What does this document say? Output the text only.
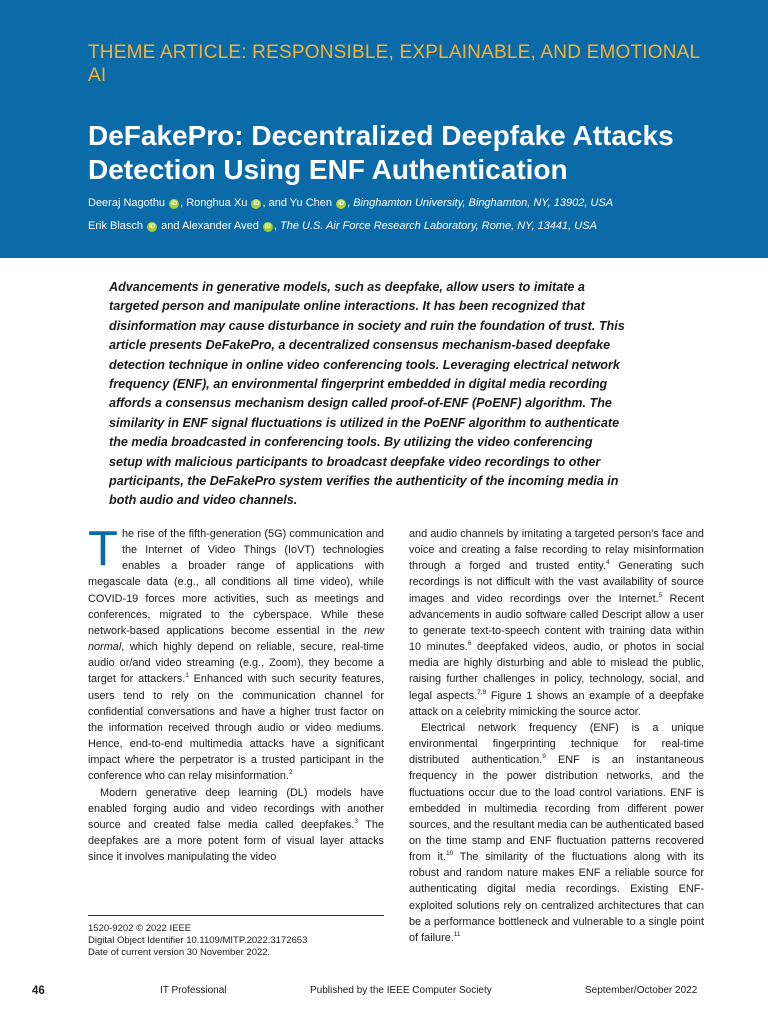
THEME ARTICLE: RESPONSIBLE, EXPLAINABLE, AND EMOTIONAL AI
DeFakePro: Decentralized Deepfake Attacks Detection Using ENF Authentication
Deeraj Nagothu iD , Ronghua Xu iD , and Yu Chen iD , Binghamton University, Binghamton, NY, 13902, USA
Erik Blasch iD and Alexander Aved iD , The U.S. Air Force Research Laboratory, Rome, NY, 13441, USA
Advancements in generative models, such as deepfake, allow users to imitate a targeted person and manipulate online interactions. It has been recognized that disinformation may cause disturbance in society and ruin the foundation of trust. This article presents DeFakePro, a decentralized consensus mechanism-based deepfake detection technique in online video conferencing tools. Leveraging electrical network frequency (ENF), an environmental fingerprint embedded in digital media recording affords a consensus mechanism design called proof-of-ENF (PoENF) algorithm. The similarity in ENF signal fluctuations is utilized in the PoENF algorithm to authenticate the media broadcasted in conferencing tools. By utilizing the video conferencing setup with malicious participants to broadcast deepfake video recordings to other participants, the DeFakePro system verifies the authenticity of the incoming media in both audio and video channels.

The rise of the fifth-generation (5G) communication and the Internet of Video Things (IoVT) technologies enables a broader range of applications with megascale data (e.g., all conditions all time video), while COVID-19 forces more activities, such as meetings and conferences, migrated to the cyberspace. While these network-based applications become essential in the new normal, which highly depend on reliable, secure, real-time audio or/and video streaming (e.g., Zoom), they become a target for attackers.$^1$ Enhanced with such security features, users tend to rely on the communication channel for confidential conversations and have a higher trust factor on the information received through audio or video mediums. Hence, end-to-end multimedia attacks have a significant impact where the perpetrator is a trusted participant in the conference who can relay misinformation.$^2$

Modern generative deep learning (DL) models have enabled forging audio and video recordings with another source and created false media called deepfakes.$^3$ The deepfakes are a more potent form of visual layer attacks since it involves manipulating the video

and audio channels by imitating a targeted person’s face and voice and creating a false recording to relay misinformation through a forged and trusted entity.$^4$ Generating such recordings is not difficult with the vast availability of source images and video recordings over the Internet.$^5$ Recent advancements in audio software called Descript allow a user to generate text-to-speech content with training data within 10 minutes.$^6$ deepfaked videos, audio, or photos in social media are highly disturbing and able to mislead the public, raising further challenges in policy, technology, social, and legal aspects.$^{7,8}$ Figure 1 shows an example of a deepfake attack on a celebrity mimicking the source actor.

Electrical network frequency (ENF) is a unique environmental fingerprinting technique for real-time distributed authentication.$^9$ ENF is an instantaneous frequency in the power distribution networks, and the fluctuations occur due to the load control variations. ENF is embedded in multimedia recording from different power sources, and the resultant media can be authenticated based on the time stamp and ENF fluctuation patterns recovered from it.$^{10}$ The similarity of the fluctuations along with its robust and random nature makes ENF a reliable source for authenticating digital media recordings. Existing ENF-exploited solutions rely on centralized architectures that can be a performance bottleneck and vulnerable to a single point of failure.$^{11}$

1520-9202 © 2022 IEEE
Digital Object Identifier 10.1109/MITP.2022.3172653
Date of current version 30 November 2022.
46	IT Professional	Published by the IEEE Computer Society	September/October 2022
